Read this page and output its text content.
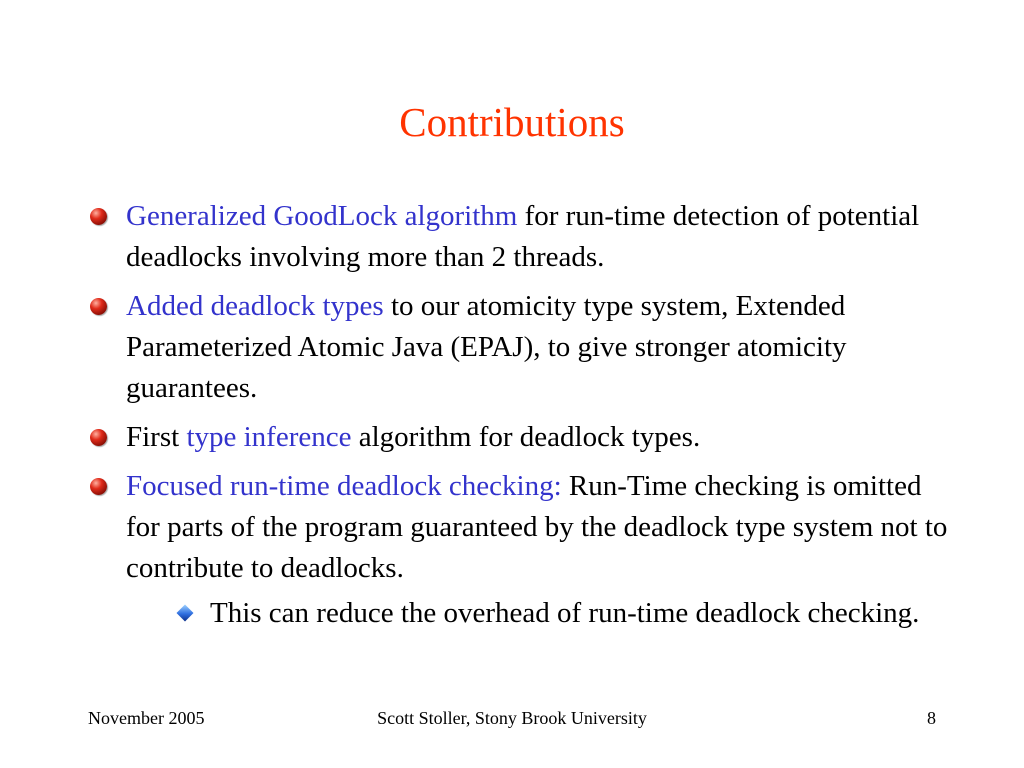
Contributions
Generalized GoodLock algorithm for run-time detection of potential deadlocks involving more than 2 threads.
Added deadlock types to our atomicity type system, Extended Parameterized Atomic Java (EPAJ), to give stronger atomicity guarantees.
First type inference algorithm for deadlock types.
Focused run-time deadlock checking: Run-Time checking is omitted for parts of the program guaranteed by the deadlock type system not to contribute to deadlocks.
This can reduce the overhead of run-time deadlock checking.
November 2005	Scott Stoller, Stony Brook University	8
